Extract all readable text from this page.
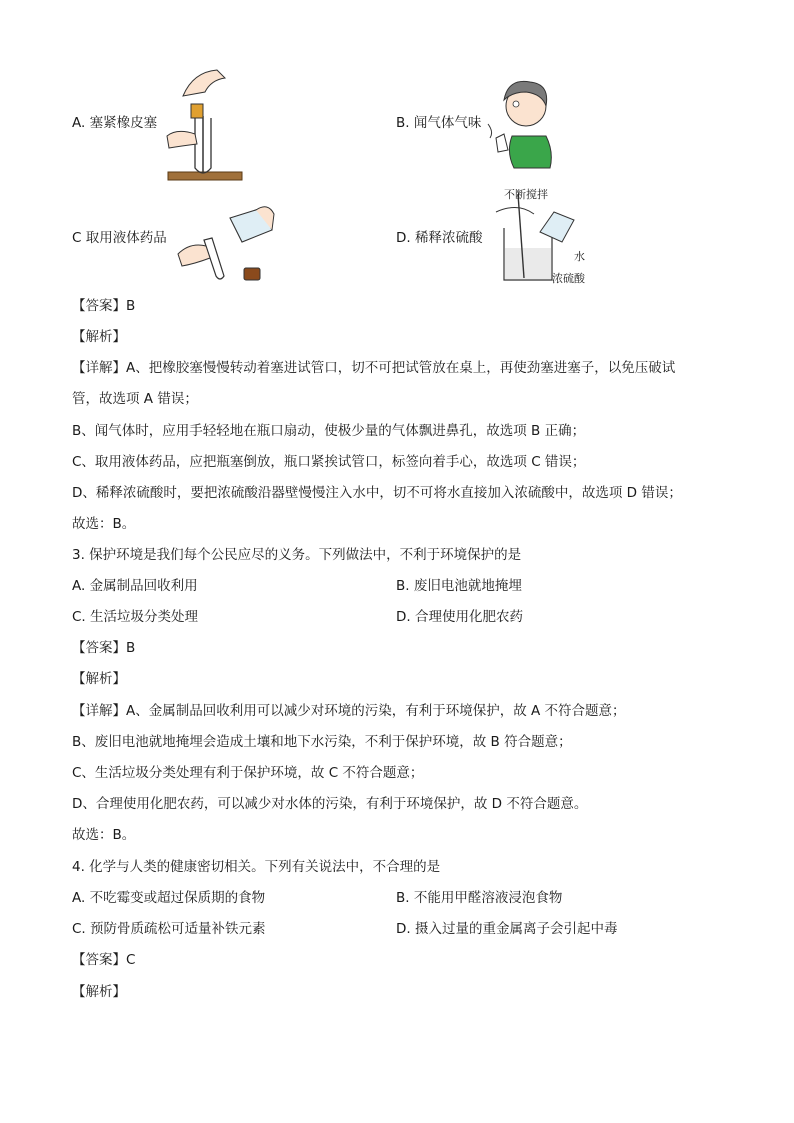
A. 塞紧橡皮塞	B. 闻气体气味
C 取用液体药品	D. 稀释浓硫酸
不断搅拌
水
浓硫酸
【答案】B
【解析】
【详解】A、把橡胶塞慢慢转动着塞进试管口，切不可把试管放在桌上，再使劲塞进塞子，以免压破试
管，故选项 A 错误；
B、闻气体时，应用手轻轻地在瓶口扇动，使极少量的气体飘进鼻孔，故选项 B 正确；
C、取用液体药品，应把瓶塞倒放，瓶口紧挨试管口，标签向着手心，故选项 C 错误；
D、稀释浓硫酸时，要把浓硫酸沿器壁慢慢注入水中，切不可将水直接加入浓硫酸中，故选项 D 错误；
故选：B。
3. 保护环境是我们每个公民应尽的义务。下列做法中，不利于环境保护的是
A. 金属制品回收利用	B. 废旧电池就地掩埋
C. 生活垃圾分类处理	D. 合理使用化肥农药
【答案】B
【解析】
【详解】A、金属制品回收利用可以减少对环境的污染，有利于环境保护，故 A 不符合题意；
B、废旧电池就地掩埋会造成土壤和地下水污染，不利于保护环境，故 B 符合题意；
C、生活垃圾分类处理有利于保护环境，故 C 不符合题意；
D、合理使用化肥农药，可以减少对水体的污染，有利于环境保护，故 D 不符合题意。
故选：B。
4. 化学与人类的健康密切相关。下列有关说法中，不合理的是
A. 不吃霉变或超过保质期的食物	B. 不能用甲醛溶液浸泡食物
C. 预防骨质疏松可适量补铁元素	D. 摄入过量的重金属离子会引起中毒
【答案】C
【解析】
